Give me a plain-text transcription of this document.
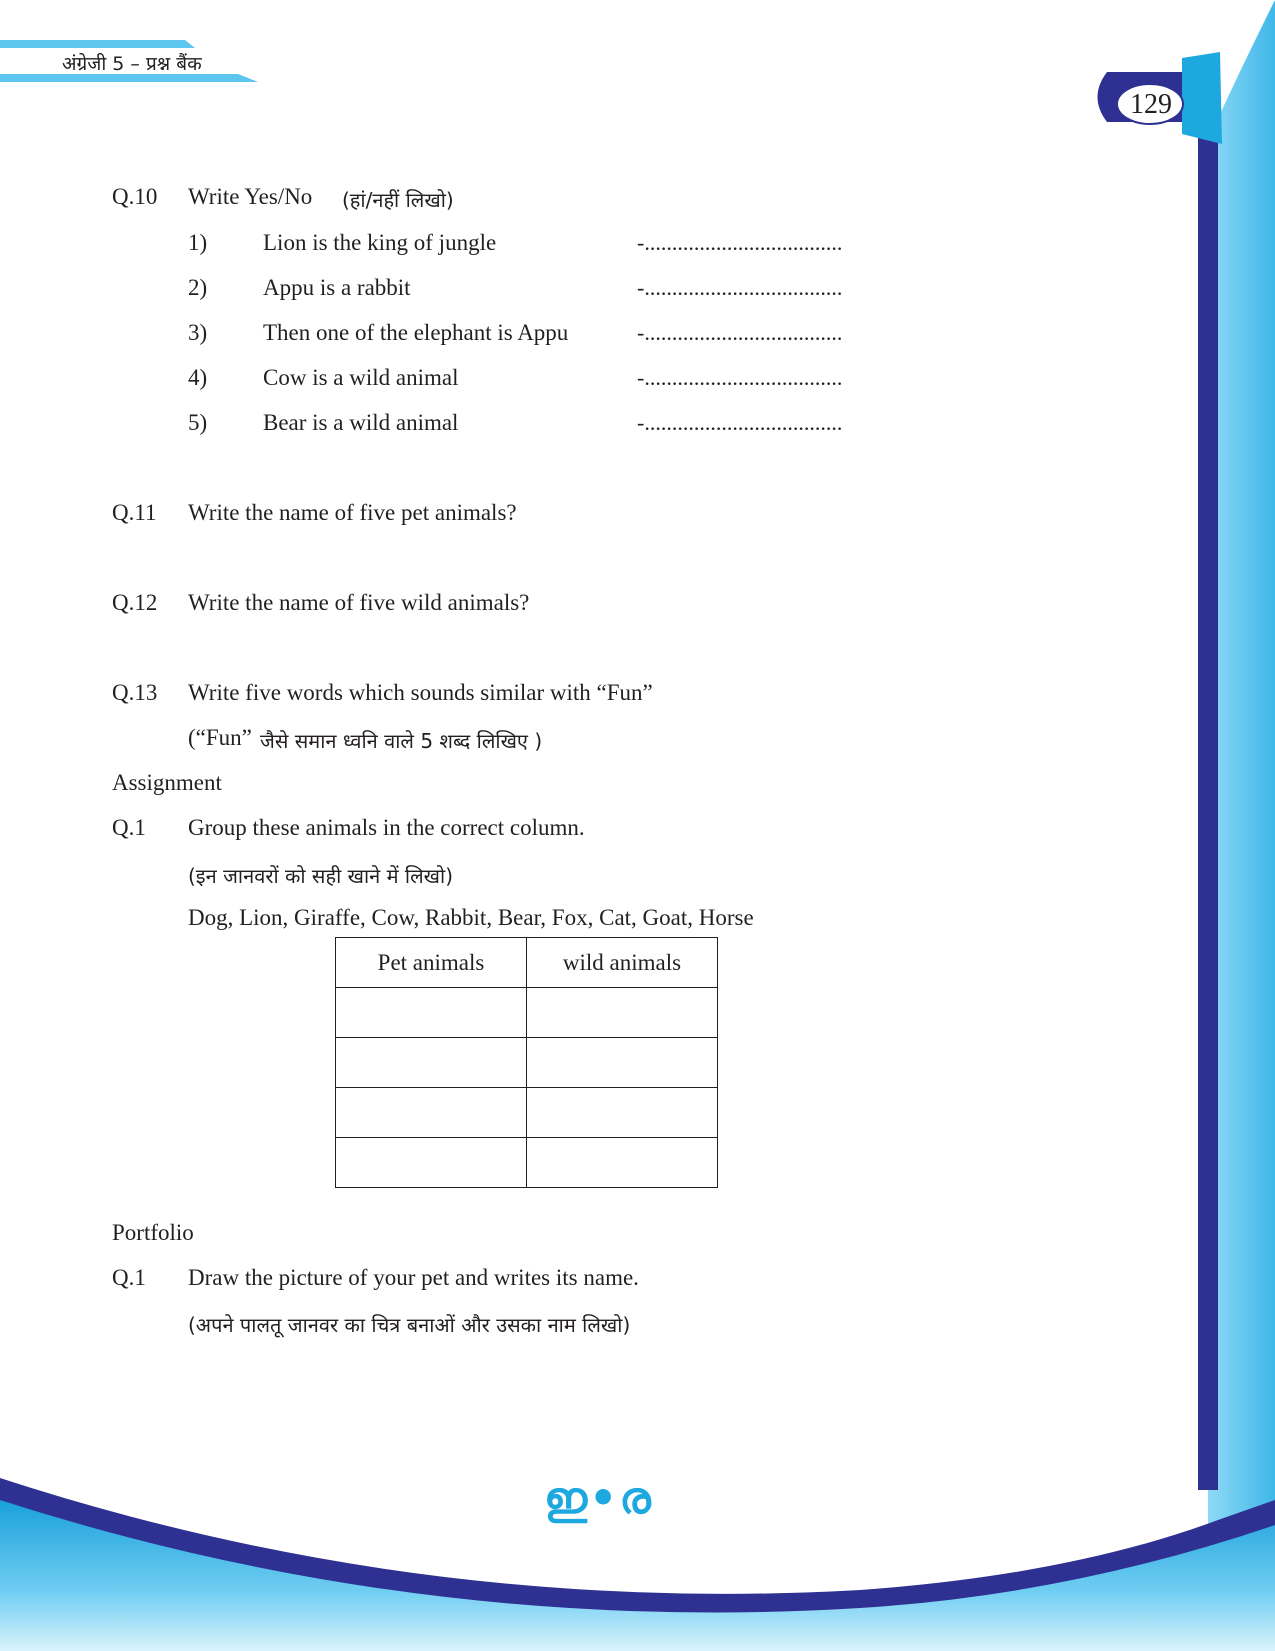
अंग्रेजी 5 – प्रश्न बैंक
129
Q.10 Write Yes/No (हां/नहीं लिखो)
1) Lion is the king of jungle	-....................................
2) Appu is a rabbit	-....................................
3) Then one of the elephant is Appu	-....................................
4) Cow is a wild animal	-....................................
5) Bear is a wild animal	-....................................
Q.11 Write the name of five pet animals?
Q.12 Write the name of five wild animals?
Q.13 Write five words which sounds similar with “Fun”
(“Fun” जैसे समान ध्वनि वाले 5 शब्द लिखिए )
Assignment
Q.1 Group these animals in the correct column.
(इन जानवरों को सही खाने में लिखो)
Dog, Lion, Giraffe, Cow, Rabbit, Bear, Fox, Cat, Goat, Horse
Pet animals	wild animals

Portfolio
Q.1 Draw the picture of your pet and writes its name.
(अपने पालतू जानवर का चित्र बनाओं और उसका नाम लिखो)
ഇ•ര
